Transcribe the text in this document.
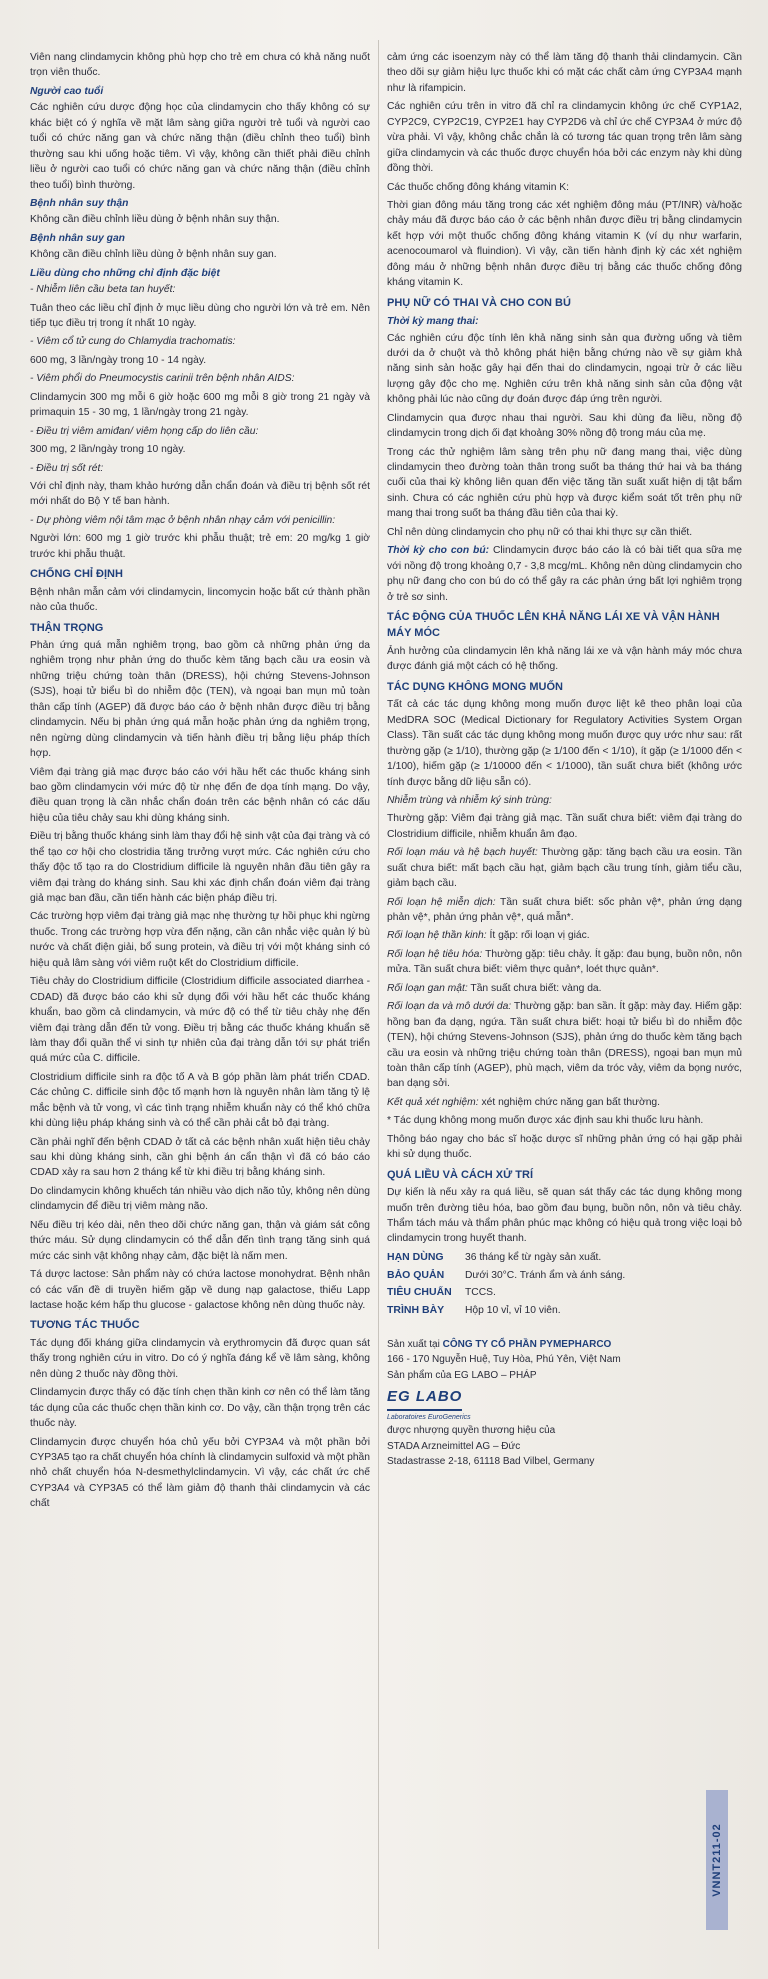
Viên nang clindamycin không phù hợp cho trẻ em chưa có khả năng nuốt trọn viên thuốc.

Người cao tuổi

Các nghiên cứu dược động học của clindamycin cho thấy không có sự khác biệt có ý nghĩa về mặt lâm sàng giữa người trẻ tuổi và người cao tuổi có chức năng gan và chức năng thận (điều chỉnh theo tuổi) bình thường sau khi uống hoặc tiêm. Vì vậy, không cần thiết phải điều chỉnh liều ở người cao tuổi có chức năng gan và chức năng thận (điều chỉnh theo tuổi) bình thường.

Bệnh nhân suy thận

Không cần điều chỉnh liều dùng ở bệnh nhân suy thận.

Bệnh nhân suy gan

Không cần điều chỉnh liều dùng ở bệnh nhân suy gan.

Liều dùng cho những chỉ định đặc biệt

- Nhiễm liên cầu beta tan huyết:

Tuân theo các liều chỉ định ở mục liều dùng cho người lớn và trẻ em. Nên tiếp tục điều trị trong ít nhất 10 ngày.

- Viêm cổ tử cung do Chlamydia trachomatis:

600 mg, 3 lần/ngày trong 10 - 14 ngày.

- Viêm phổi do Pneumocystis carinii trên bệnh nhân AIDS:

Clindamycin 300 mg mỗi 6 giờ hoặc 600 mg mỗi 8 giờ trong 21 ngày và primaquin 15 - 30 mg, 1 lần/ngày trong 21 ngày.

- Điều trị viêm amiđan/ viêm họng cấp do liên cầu:

300 mg, 2 lần/ngày trong 10 ngày.

- Điều trị sốt rét:

Với chỉ định này, tham khảo hướng dẫn chẩn đoán và điều trị bệnh sốt rét mới nhất do Bộ Y tế ban hành.

- Dự phòng viêm nội tâm mạc ở bệnh nhân nhạy cảm với penicillin:

Người lớn: 600 mg 1 giờ trước khi phẫu thuật; trẻ em: 20 mg/kg 1 giờ trước khi phẫu thuật.

CHỐNG CHỈ ĐỊNH

Bệnh nhân mẫn cảm với clindamycin, lincomycin hoặc bất cứ thành phần nào của thuốc.

THẬN TRỌNG

Phản ứng quá mẫn nghiêm trọng, bao gồm cả những phản ứng da nghiêm trọng như phản ứng do thuốc kèm tăng bạch cầu ưa eosin và những triệu chứng toàn thân (DRESS), hội chứng Stevens-Johnson (SJS), hoại tử biểu bì do nhiễm độc (TEN), và ngoại ban mụn mủ toàn thân cấp tính (AGEP) đã được báo cáo ở bệnh nhân được điều trị bằng clindamycin. Nếu bị phản ứng quá mẫn hoặc phản ứng da nghiêm trọng, nên ngừng dùng clindamycin và tiến hành điều trị bằng liệu pháp thích hợp.

Viêm đại tràng giả mạc được báo cáo với hầu hết các thuốc kháng sinh bao gồm clindamycin với mức độ từ nhẹ đến đe dọa tính mạng. Do vậy, điều quan trọng là cần nhắc chẩn đoán trên các bệnh nhân có các dấu hiệu của tiêu chảy sau khi dùng kháng sinh.

Điều trị bằng thuốc kháng sinh làm thay đổi hệ sinh vật của đại tràng và có thể tạo cơ hội cho clostridia tăng trưởng vượt mức. Các nghiên cứu cho thấy độc tố tạo ra do Clostridium difficile là nguyên nhân đầu tiên gây ra viêm đại tràng do kháng sinh. Sau khi xác định chẩn đoán viêm đại tràng giả mạc ban đầu, cần tiến hành các biện pháp điều trị.

Các trường hợp viêm đại tràng giả mạc nhẹ thường tự hồi phục khi ngừng thuốc. Trong các trường hợp vừa đến nặng, cần cân nhắc việc quản lý bù nước và chất điện giải, bổ sung protein, và điều trị với một kháng sinh có hiệu quả lâm sàng với viêm ruột kết do Clostridium difficile.

Tiêu chảy do Clostridium difficile (Clostridium difficile associated diarrhea - CDAD) đã được báo cáo khi sử dụng đối với hầu hết các thuốc kháng khuẩn, bao gồm cả clindamycin, và mức độ có thể từ tiêu chảy nhẹ đến viêm đại tràng dẫn đến tử vong. Điều trị bằng các thuốc kháng khuẩn sẽ làm thay đổi quần thể vi sinh tự nhiên của đại tràng dẫn tới sự phát triển quá mức của C. difficile.

Clostridium difficile sinh ra độc tố A và B góp phần làm phát triển CDAD. Các chủng C. difficile sinh độc tố mạnh hơn là nguyên nhân làm tăng tỷ lệ mắc bệnh và tử vong, vì các tình trạng nhiễm khuẩn này có thể khó chữa khi dùng liệu pháp kháng sinh và có thể cần phải cắt bỏ đại tràng.

Cần phải nghĩ đến bệnh CDAD ở tất cả các bệnh nhân xuất hiện tiêu chảy sau khi dùng kháng sinh, cần ghi bệnh án cẩn thận vì đã có báo cáo CDAD xảy ra sau hơn 2 tháng kể từ khi điều trị bằng kháng sinh.

Do clindamycin không khuếch tán nhiều vào dịch não tủy, không nên dùng clindamycin để điều trị viêm màng não.

Nếu điều trị kéo dài, nên theo dõi chức năng gan, thận và giám sát công thức máu. Sử dụng clindamycin có thể dẫn đến tình trạng tăng sinh quá mức các sinh vật không nhạy cảm, đặc biệt là nấm men.

Tá dược lactose: Sản phẩm này có chứa lactose monohydrat. Bệnh nhân có các vấn đề di truyền hiếm gặp về dung nạp galactose, thiếu Lapp lactase hoặc kém hấp thu glucose - galactose không nên dùng thuốc này.

TƯƠNG TÁC THUỐC

Tác dụng đối kháng giữa clindamycin và erythromycin đã được quan sát thấy trong nghiên cứu in vitro. Do có ý nghĩa đáng kể về lâm sàng, không nên dùng 2 thuốc này đồng thời.

Clindamycin được thấy có đặc tính chẹn thần kinh cơ nên có thể làm tăng tác dụng của các thuốc chẹn thần kinh cơ. Do vậy, cần thận trọng trên các thuốc này.

Clindamycin được chuyển hóa chủ yếu bởi CYP3A4 và một phần bởi CYP3A5 tạo ra chất chuyển hóa chính là clindamycin sulfoxid và một phần nhỏ chất chuyển hóa N-desmethylclindamycin. Vì vậy, các chất ức chế CYP3A4 và CYP3A5 có thể làm giảm độ thanh thải clindamycin và các chất

cảm ứng các isoenzym này có thể làm tăng độ thanh thải clindamycin. Cần theo dõi sự giảm hiệu lực thuốc khi có mặt các chất cảm ứng CYP3A4 mạnh như là rifampicin.

Các nghiên cứu trên in vitro đã chỉ ra clindamycin không ức chế CYP1A2, CYP2C9, CYP2C19, CYP2E1 hay CYP2D6 và chỉ ức chế CYP3A4 ở mức độ vừa phải. Vì vậy, không chắc chắn là có tương tác quan trọng trên lâm sàng giữa clindamycin và các thuốc được chuyển hóa bởi các enzym này khi dùng đồng thời.

Các thuốc chống đông kháng vitamin K:

Thời gian đông máu tăng trong các xét nghiệm đông máu (PT/INR) và/hoặc chảy máu đã được báo cáo ở các bệnh nhân được điều trị bằng clindamycin kết hợp với một thuốc chống đông kháng vitamin K (ví dụ như warfarin, acenocoumarol và fluindion). Vì vậy, cần tiến hành định kỳ các xét nghiệm đông máu ở những bệnh nhân được điều trị bằng các thuốc chống đông kháng vitamin K.

PHỤ NỮ CÓ THAI VÀ CHO CON BÚ
Thời kỳ mang thai:

Các nghiên cứu độc tính lên khả năng sinh sản qua đường uống và tiêm dưới da ở chuột và thỏ không phát hiện bằng chứng nào về sự giảm khả năng sinh sản hoặc gây hại đến thai do clindamycin, ngoại trừ ở các liều lượng gây độc cho mẹ. Nghiên cứu trên khả năng sinh sản của động vật không phải lúc nào cũng dự đoán được đáp ứng trên người.

Clindamycin qua được nhau thai người. Sau khi dùng đa liều, nồng độ clindamycin trong dịch ối đạt khoảng 30% nồng độ trong máu của mẹ.

Trong các thử nghiệm lâm sàng trên phụ nữ đang mang thai, việc dùng clindamycin theo đường toàn thân trong suốt ba tháng thứ hai và ba tháng cuối của thai kỳ không liên quan đến việc tăng tần suất xuất hiện dị tật bẩm sinh. Chưa có các nghiên cứu phù hợp và được kiểm soát tốt trên phụ nữ mang thai trong suốt ba tháng đầu tiên của thai kỳ.

Chỉ nên dùng clindamycin cho phụ nữ có thai khi thực sự cần thiết.

Thời kỳ cho con bú: Clindamycin được báo cáo là có bài tiết qua sữa mẹ với nồng độ trong khoảng 0,7 - 3,8 mcg/mL. Không nên dùng clindamycin cho phụ nữ đang cho con bú do có thể gây ra các phản ứng bất lợi nghiêm trọng ở trẻ sơ sinh.

TÁC ĐỘNG CỦA THUỐC LÊN KHẢ NĂNG LÁI XE VÀ VẬN HÀNH MÁY MÓC

Ảnh hưởng của clindamycin lên khả năng lái xe và vận hành máy móc chưa được đánh giá một cách có hệ thống.

TÁC DỤNG KHÔNG MONG MUỐN

Tất cả các tác dụng không mong muốn được liệt kê theo phân loại của MedDRA SOC (Medical Dictionary for Regulatory Activities System Organ Class). Tần suất các tác dụng không mong muốn được quy ước như sau: rất thường gặp (≥ 1/10), thường gặp (≥ 1/100 đến < 1/10), ít gặp (≥ 1/1000 đến < 1/100), hiếm gặp (≥ 1/10000 đến < 1/1000), tần suất chưa biết (không ước tính được bằng dữ liệu sẵn có).

Nhiễm trùng và nhiễm ký sinh trùng:

Thường gặp: Viêm đại tràng giả mạc. Tần suất chưa biết: viêm đại tràng do Clostridium difficile, nhiễm khuẩn âm đạo.

Rối loạn máu và hệ bạch huyết: Thường gặp: tăng bạch cầu ưa eosin. Tần suất chưa biết: mất bạch cầu hạt, giảm bạch cầu trung tính, giảm tiểu cầu, giảm bạch cầu.

Rối loạn hệ miễn dịch: Tần suất chưa biết: sốc phản vệ*, phản ứng dạng phản vệ*, phản ứng phản vệ*, quá mẫn*.

Rối loạn hệ thần kinh: Ít gặp: rối loạn vị giác.

Rối loạn hệ tiêu hóa: Thường gặp: tiêu chảy. Ít gặp: đau bụng, buồn nôn, nôn mửa. Tần suất chưa biết: viêm thực quản*, loét thực quản*.

Rối loạn gan mật: Tần suất chưa biết: vàng da.

Rối loạn da và mô dưới da: Thường gặp: ban sần. Ít gặp: mày đay. Hiếm gặp: hồng ban đa dạng, ngứa. Tần suất chưa biết: hoại tử biểu bì do nhiễm độc (TEN), hội chứng Stevens-Johnson (SJS), phản ứng do thuốc kèm tăng bạch cầu ưa eosin và những triệu chứng toàn thân (DRESS), ngoại ban mụn mủ toàn thân cấp tính (AGEP), phù mạch, viêm da tróc vảy, viêm da bọng nước, ban dạng sởi.

Kết quả xét nghiệm: xét nghiệm chức năng gan bất thường.

* Tác dụng không mong muốn được xác định sau khi thuốc lưu hành.

Thông báo ngay cho bác sĩ hoặc dược sĩ những phản ứng có hại gặp phải khi sử dụng thuốc.

QUÁ LIỀU VÀ CÁCH XỬ TRÍ

Dự kiến là nếu xảy ra quá liều, sẽ quan sát thấy các tác dụng không mong muốn trên đường tiêu hóa, bao gồm đau bụng, buồn nôn, nôn và tiêu chảy. Thẩm tách máu và thẩm phân phúc mạc không có hiệu quả trong việc loại bỏ clindamycin trong huyết thanh.

HẠN DÙNG	36 tháng kể từ ngày sản xuất.
BẢO QUẢN	Dưới 30°C. Tránh ẩm và ánh sáng.
TIÊU CHUẨN	TCCS.
TRÌNH BÀY	Hộp 10 vỉ, vỉ 10 viên.
Sản xuất tại CÔNG TY CỔ PHẦN PYMEPHARCO
166 - 170 Nguyễn Huệ, Tuy Hòa, Phú Yên, Việt Nam
Sản phẩm của EG LABO – PHÁP
EG LABO
Laboratoires EuroGenerics
được nhượng quyền thương hiệu của
STADA Arzneimittel AG – Đức
Stadastrasse 2-18, 61118 Bad Vilbel, Germany
VNNT211-02
